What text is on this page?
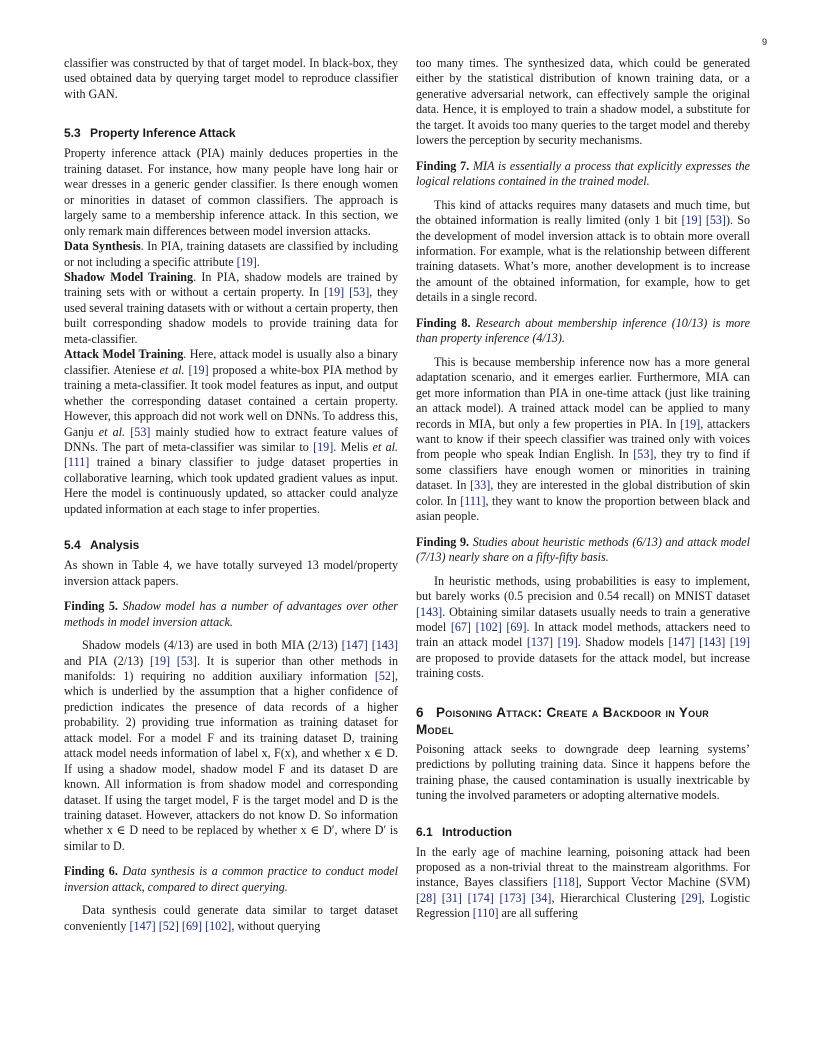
9

classifier was constructed by that of target model. In black-box, they used obtained data by querying target model to reproduce classifier with GAN.

5.3 Property Inference Attack

Property inference attack (PIA) mainly deduces properties in the training dataset. For instance, how many people have long hair or wear dresses in a generic gender classifier. Is there enough women or minorities in dataset of common classifiers. The approach is largely same to a membership inference attack. In this section, we only remark main differences between model inversion attacks.

Data Synthesis. In PIA, training datasets are classified by including or not including a specific attribute [19].

Shadow Model Training. In PIA, shadow models are trained by training sets with or without a certain property. In [19] [53], they used several training datasets with or without a certain property, then built corresponding shadow models to provide training data for meta-classifier.

Attack Model Training. Here, attack model is usually also a binary classifier. Ateniese et al. [19] proposed a white-box PIA method by training a meta-classifier. It took model features as input, and output whether the corresponding dataset contained a certain property. However, this approach did not work well on DNNs. To address this, Ganju et al. [53] mainly studied how to extract feature values of DNNs. The part of meta-classifier was similar to [19]. Melis et al. [111] trained a binary classifier to judge dataset properties in collaborative learning, which took updated gradient values as input. Here the model is continuously updated, so attacker could analyze updated information at each stage to infer properties.

5.4 Analysis

As shown in Table 4, we have totally surveyed 13 model/property inversion attack papers.

Finding 5. Shadow model has a number of advantages over other methods in model inversion attack.

Shadow models (4/13) are used in both MIA (2/13) [147] [143] and PIA (2/13) [19] [53]. It is superior than other methods in manifolds: 1) requiring no addition auxiliary information [52], which is underlied by the assumption that a higher confidence of prediction indicates the presence of data records of a higher probability. 2) providing true information as training dataset for attack model. For a model F and its training dataset D, training attack model needs information of label x, F(x), and whether x ∈ D. If using a shadow model, shadow model F and its dataset D are known. All information is from shadow model and corresponding dataset. If using the target model, F is the target model and D is the training dataset. However, attackers do not know D. So information whether x ∈ D need to be replaced by whether x ∈ D′, where D′ is similar to D.

Finding 6. Data synthesis is a common practice to conduct model inversion attack, compared to direct querying.

Data synthesis could generate data similar to target dataset conveniently [147] [52] [69] [102], without querying

too many times. The synthesized data, which could be generated either by the statistical distribution of known training data, or a generative adversarial network, can effectively sample the original data. Hence, it is employed to train a shadow model, a substitute for the target. It avoids too many queries to the target model and thereby lowers the perception by security mechanisms.

Finding 7. MIA is essentially a process that explicitly expresses the logical relations contained in the trained model.

This kind of attacks requires many datasets and much time, but the obtained information is really limited (only 1 bit [19] [53]). So the development of model inversion attack is to obtain more overall information. For example, what is the relationship between different training datasets. What’s more, another development is to increase the amount of the obtained information, for example, how to get details in a single record.

Finding 8. Research about membership inference (10/13) is more than property inference (4/13).

This is because membership inference now has a more general adaptation scenario, and it emerges earlier. Furthermore, MIA can get more information than PIA in one-time attack (just like training an attack model). A trained attack model can be applied to many records in MIA, but only a few properties in PIA. In [19], attackers want to know if their speech classifier was trained only with voices from people who speak Indian English. In [53], they try to find if some classifiers have enough women or minorities in training dataset. In [33], they are interested in the global distribution of skin color. In [111], they want to know the proportion between black and asian people.

Finding 9. Studies about heuristic methods (6/13) and attack model (7/13) nearly share on a fifty-fifty basis.

In heuristic methods, using probabilities is easy to implement, but barely works (0.5 precision and 0.54 recall) on MNIST dataset [143]. Obtaining similar datasets usually needs to train a generative model [67] [102] [69]. In attack model methods, attackers need to train an attack model [137] [19]. Shadow models [147] [143] [19] are proposed to provide datasets for the attack model, but increase training costs.

6 Poisoning Attack: Create a Backdoor in Your Model

Poisoning attack seeks to downgrade deep learning systems’ predictions by polluting training data. Since it happens before the training phase, the caused contamination is usually inextricable by tuning the involved parameters or adopting alternative models.

6.1 Introduction

In the early age of machine learning, poisoning attack had been proposed as a non-trivial threat to the mainstream algorithms. For instance, Bayes classifiers [118], Support Vector Machine (SVM) [28] [31] [174] [173] [34], Hierarchical Clustering [29], Logistic Regression [110] are all suffering
